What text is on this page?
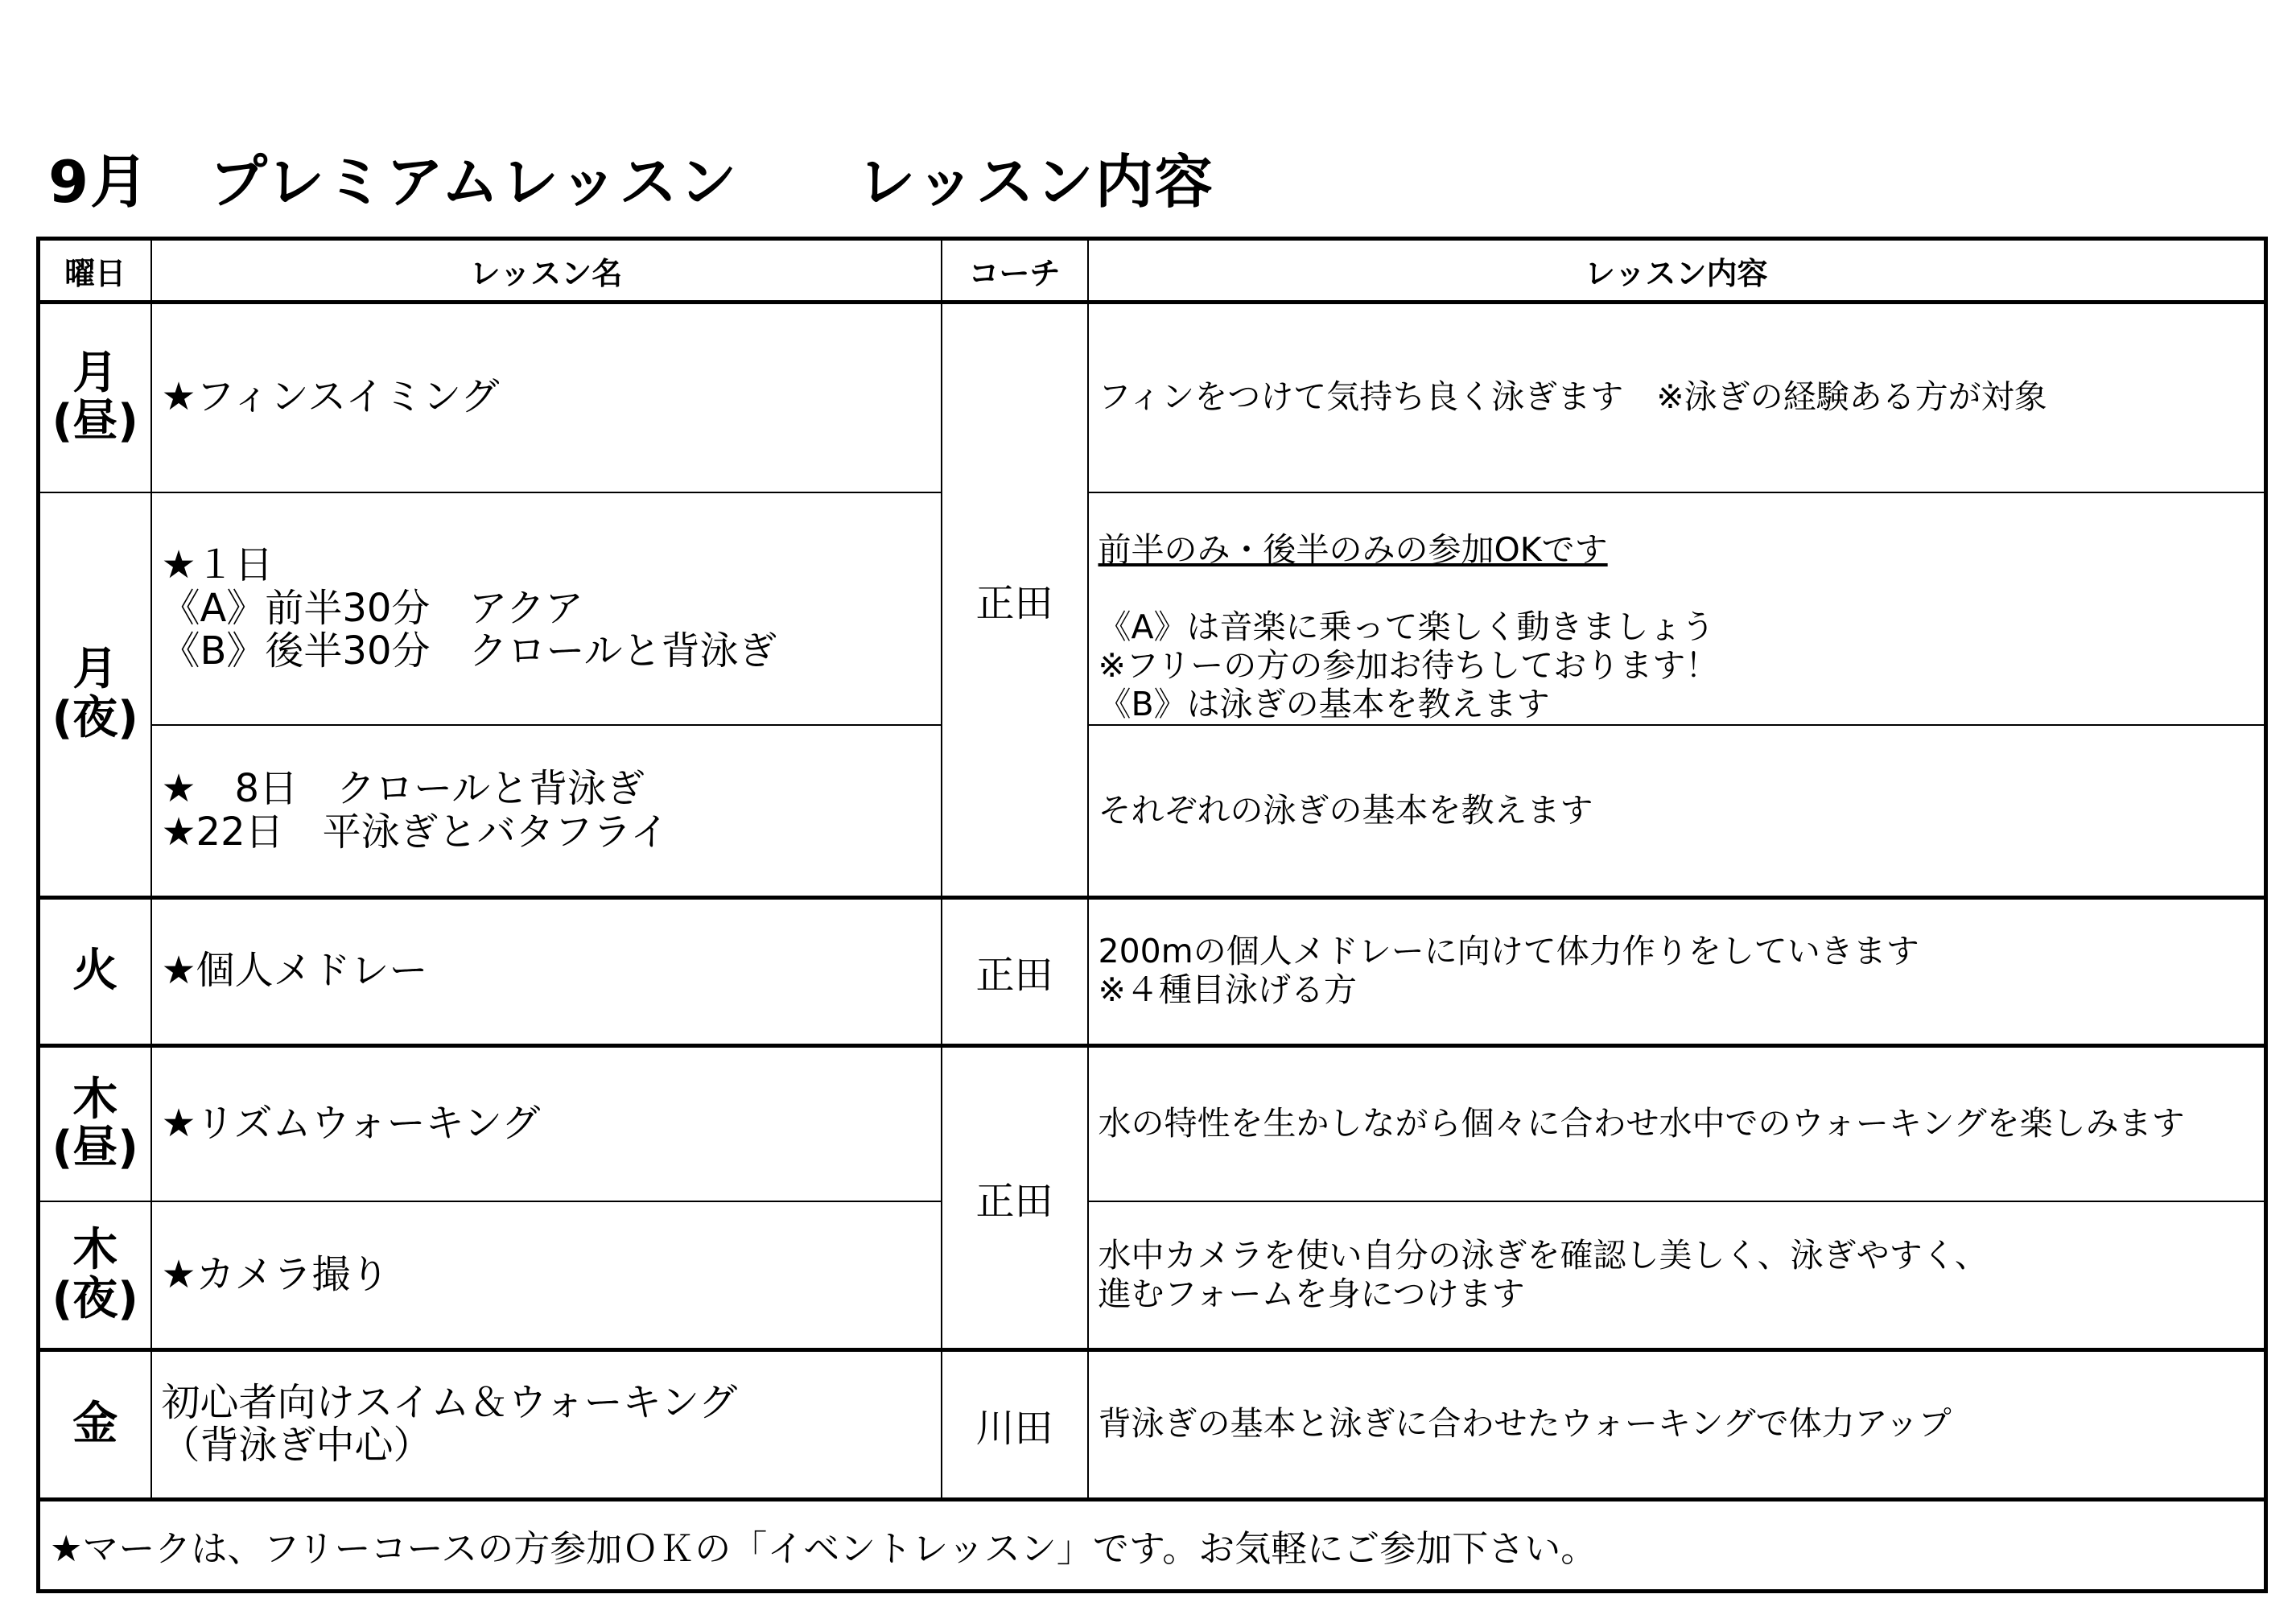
9月　プレミアムレッスン　　レッスン内容
曜日	レッスン名	コーチ	レッスン内容
月
(昼)	★フィンスイミング	正田	フィンをつけて気持ち良く泳ぎます　※泳ぎの経験ある方が対象
月
(夜)	★１日
《A》前半30分　アクア
《B》後半30分　クロールと背泳ぎ		前半のみ・後半のみの参加OKです

《A》は音楽に乗って楽しく動きましょう
※フリーの方の参加お待ちしております！
《B》は泳ぎの基本を教えます

	★　8日　クロールと背泳ぎ
★22日　平泳ぎとバタフライ		それぞれの泳ぎの基本を教えます
火	★個人メドレー	正田	200mの個人メドレーに向けて体力作りをしていきます
※４種目泳げる方
木
(昼)	★リズムウォーキング	正田	水の特性を生かしながら個々に合わせ水中でのウォーキングを楽しみます
木
(夜)	★カメラ撮り		水中カメラを使い自分の泳ぎを確認し美しく、泳ぎやすく、
進むフォームを身につけます
金	初心者向けスイム＆ウォーキング
（背泳ぎ中心）	川田	背泳ぎの基本と泳ぎに合わせたウォーキングで体力アップ
★マークは、フリーコースの方参加ＯＫの「イベントレッスン」です。お気軽にご参加下さい。			
